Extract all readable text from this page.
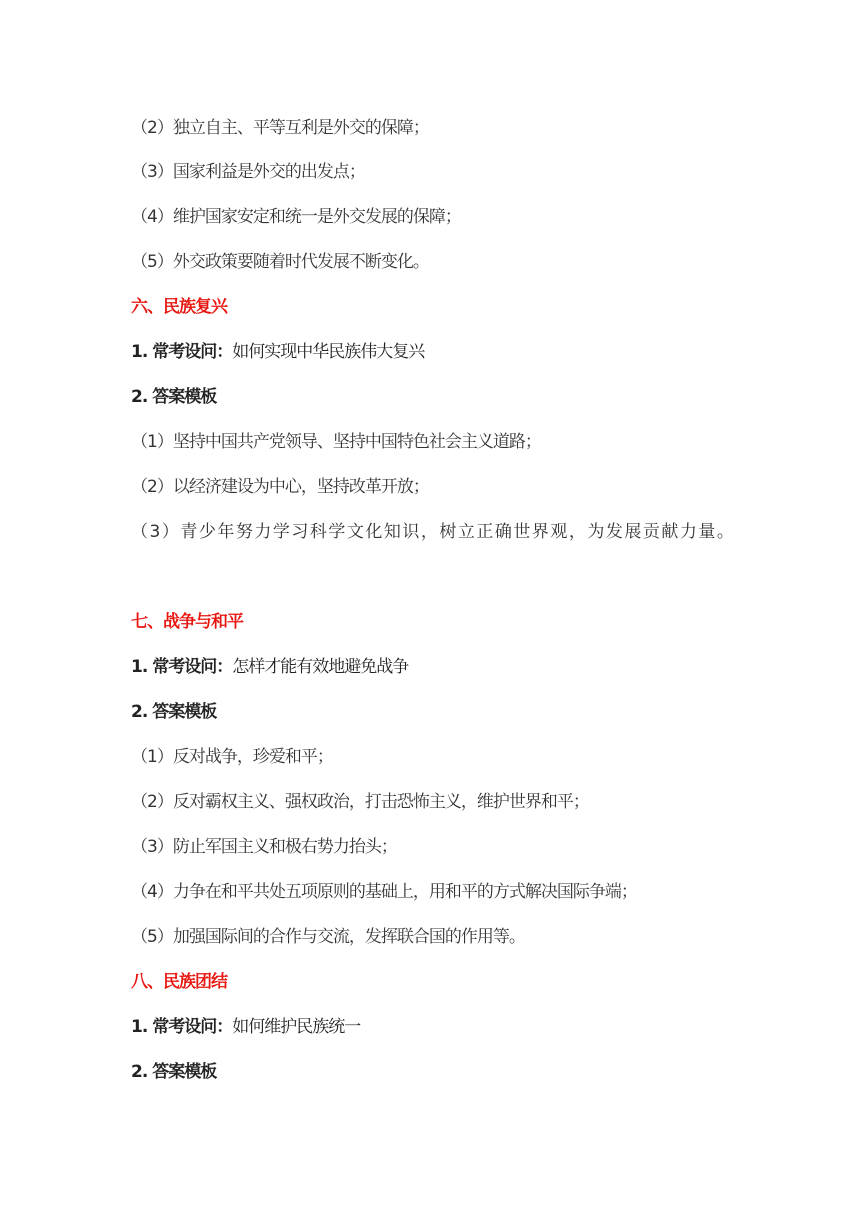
（2）独立自主、平等互利是外交的保障；
（3）国家利益是外交的出发点；
（4）维护国家安定和统一是外交发展的保障；
（5）外交政策要随着时代发展不断变化。
六、民族复兴
1. 常考设问：如何实现中华民族伟大复兴
2. 答案模板
（1）坚持中国共产党领导、坚持中国特色社会主义道路；
（2）以经济建设为中心，坚持改革开放；
（3）青少年努力学习科学文化知识，树立正确世界观，为发展贡献力量。
七、战争与和平
1. 常考设问：怎样才能有效地避免战争
2. 答案模板
（1）反对战争，珍爱和平；
（2）反对霸权主义、强权政治，打击恐怖主义，维护世界和平；
（3）防止军国主义和极右势力抬头；
（4）力争在和平共处五项原则的基础上，用和平的方式解决国际争端；
（5）加强国际间的合作与交流，发挥联合国的作用等。
八、民族团结
1. 常考设问：如何维护民族统一
2. 答案模板
